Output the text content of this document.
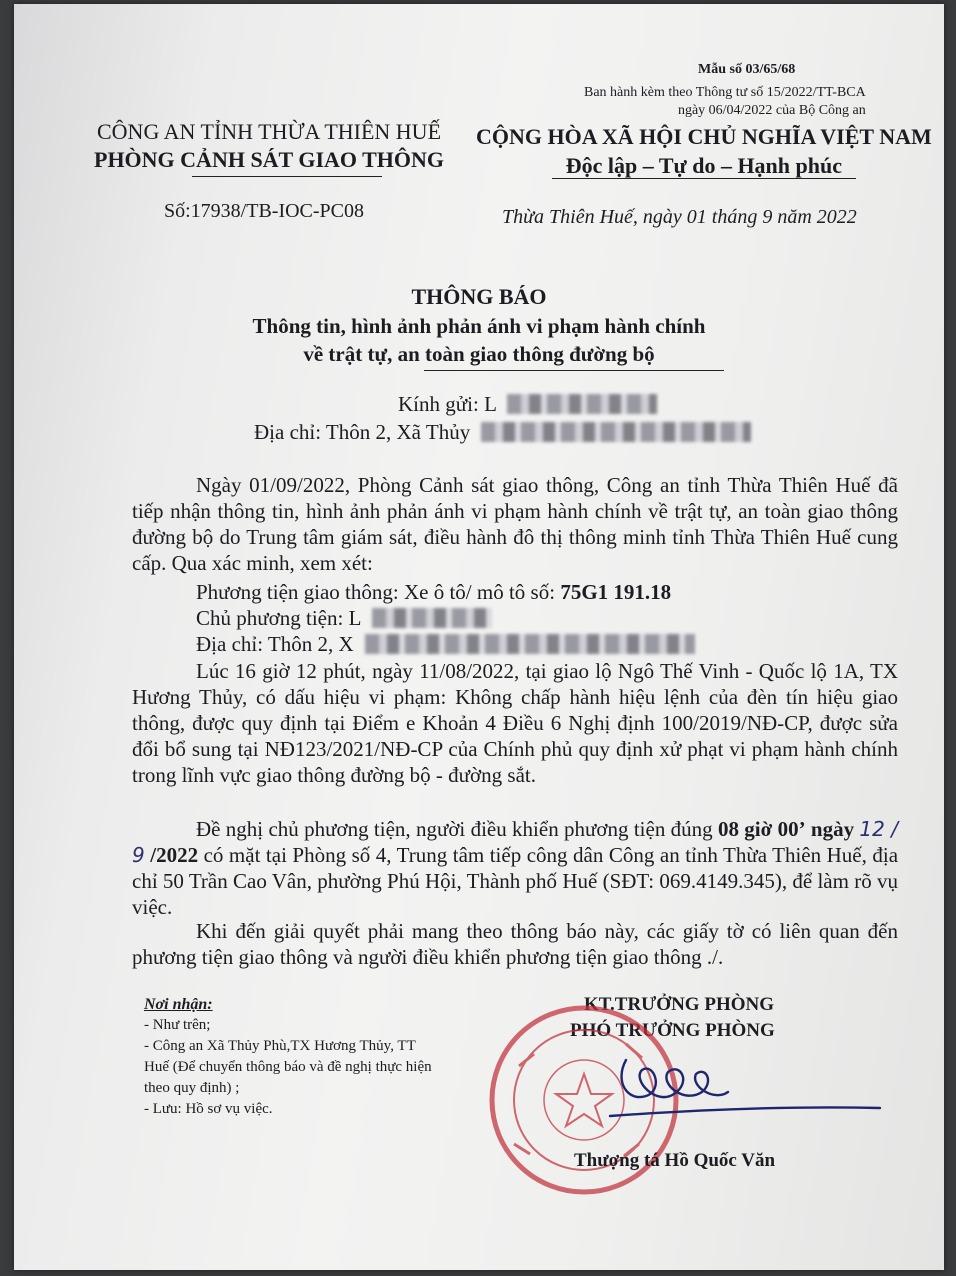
Mẫu số 03/65/68
Ban hành kèm theo Thông tư số 15/2022/TT-BCA
ngày 06/04/2022 của Bộ Công an
CÔNG AN TỈNH THỪA THIÊN HUẾ
PHÒNG CẢNH SÁT GIAO THÔNG
Số:17938/TB-IOC-PC08
CỘNG HÒA XÃ HỘI CHỦ NGHĨA VIỆT NAM
Độc lập – Tự do – Hạnh phúc
Thừa Thiên Huế, ngày 01 tháng 9 năm 2022
THÔNG BÁO
Thông tin, hình ảnh phản ánh vi phạm hành chính
về trật tự, an toàn giao thông đường bộ
Kính gửi: L
Địa chỉ: Thôn 2, Xã Thủy

Ngày 01/09/2022, Phòng Cảnh sát giao thông, Công an tỉnh Thừa Thiên Huế đã tiếp nhận thông tin, hình ảnh phản ánh vi phạm hành chính về trật tự, an toàn giao thông đường bộ do Trung tâm giám sát, điều hành đô thị thông minh tỉnh Thừa Thiên Huế cung cấp. Qua xác minh, xem xét:

Phương tiện giao thông: Xe ô tô/ mô tô số: 75G1 191.18
Chủ phương tiện: L
Địa chỉ: Thôn 2, X

Lúc 16 giờ 12 phút, ngày 11/08/2022, tại giao lộ Ngô Thế Vinh - Quốc lộ 1A, TX Hương Thủy, có dấu hiệu vi phạm: Không chấp hành hiệu lệnh của đèn tín hiệu giao thông, được quy định tại Điểm e Khoản 4 Điều 6 Nghị định 100/2019/NĐ-CP, được sửa đổi bổ sung tại NĐ123/2021/NĐ-CP của Chính phủ quy định xử phạt vi phạm hành chính trong lĩnh vực giao thông đường bộ - đường sắt.

Đề nghị chủ phương tiện, người điều khiển phương tiện đúng 08 giờ 00’ ngày 12 / 9 /2022 có mặt tại Phòng số 4, Trung tâm tiếp công dân Công an tỉnh Thừa Thiên Huế, địa chỉ 50 Trần Cao Vân, phường Phú Hội, Thành phố Huế (SĐT: 069.4149.345), để làm rõ vụ việc.

Khi đến giải quyết phải mang theo thông báo này, các giấy tờ có liên quan đến phương tiện giao thông và người điều khiển phương tiện giao thông ./.

Nơi nhận:
- Như trên;
- Công an Xã Thủy Phù,TX Hương Thủy, TT
Huế (Để chuyển thông báo và đề nghị thực hiện
theo quy định) ;
- Lưu: Hồ sơ vụ việc.
KT.TRƯỞNG PHÒNG
PHÓ TRƯỞNG PHÒNG
Thượng tá Hồ Quốc Văn
